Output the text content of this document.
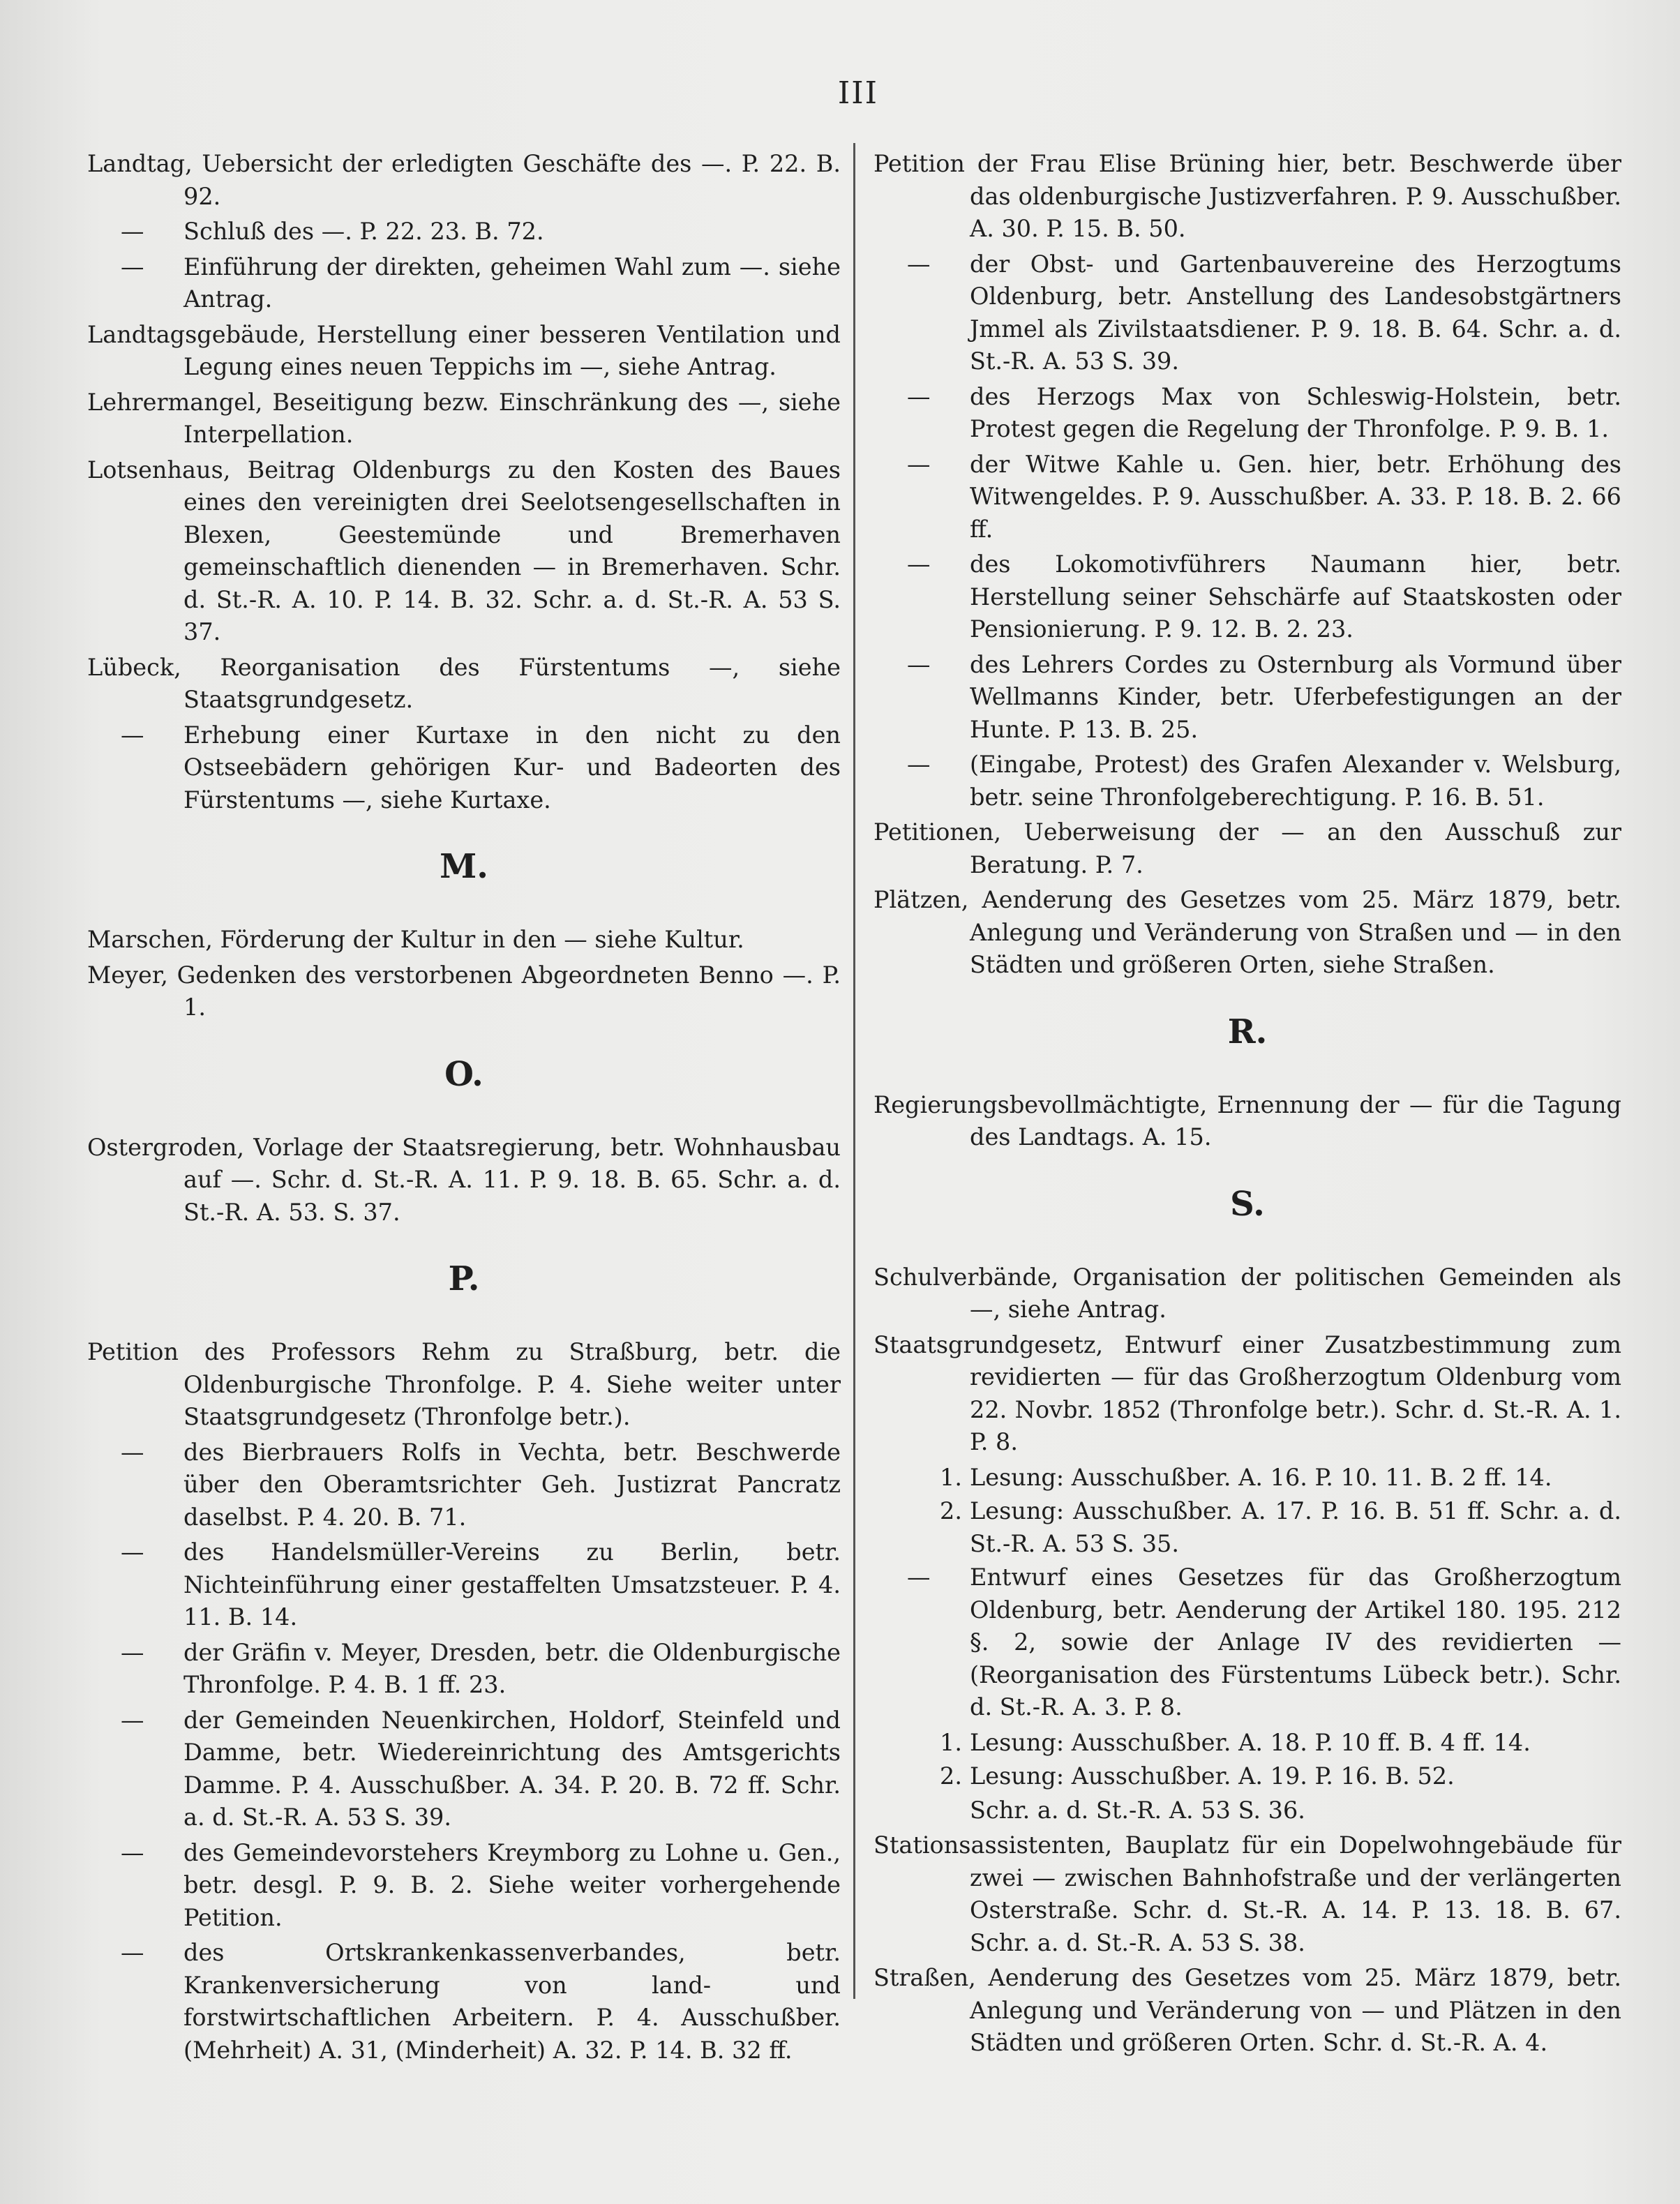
III

Landtag, Uebersicht der erledigten Geschäfte des —. P. 22. B. 92.

— Schluß des —. P. 22. 23. B. 72.

— Einführung der direkten, geheimen Wahl zum —. siehe Antrag.

Landtagsgebäude, Herstellung einer besseren Ventilation und Legung eines neuen Teppichs im —, siehe Antrag.

Lehrermangel, Beseitigung bezw. Einschränkung des —, siehe Interpellation.

Lotsenhaus, Beitrag Oldenburgs zu den Kosten des Baues eines den vereinigten drei Seelotsengesellschaften in Blexen, Geestemünde und Bremerhaven gemeinschaftlich dienenden — in Bremerhaven. Schr. d. St.-R. A. 10. P. 14. B. 32. Schr. a. d. St.-R. A. 53 S. 37.

Lübeck, Reorganisation des Fürstentums —, siehe Staatsgrundgesetz.

— Erhebung einer Kurtaxe in den nicht zu den Ostseebädern gehörigen Kur- und Badeorten des Fürstentums —, siehe Kurtaxe.

M.

Marschen, Förderung der Kultur in den — siehe Kultur.

Meyer, Gedenken des verstorbenen Abgeordneten Benno —. P. 1.

O.

Ostergroden, Vorlage der Staatsregierung, betr. Wohnhausbau auf —. Schr. d. St.-R. A. 11. P. 9. 18. B. 65. Schr. a. d. St.-R. A. 53. S. 37.

P.

Petition des Professors Rehm zu Straßburg, betr. die Oldenburgische Thronfolge. P. 4. Siehe weiter unter Staatsgrundgesetz (Thronfolge betr.).

— des Bierbrauers Rolfs in Vechta, betr. Beschwerde über den Oberamtsrichter Geh. Justizrat Pancratz daselbst. P. 4. 20. B. 71.

— des Handelsmüller-Vereins zu Berlin, betr. Nichteinführung einer gestaffelten Umsatzsteuer. P. 4. 11. B. 14.

— der Gräfin v. Meyer, Dresden, betr. die Oldenburgische Thronfolge. P. 4. B. 1 ff. 23.

— der Gemeinden Neuenkirchen, Holdorf, Steinfeld und Damme, betr. Wiedereinrichtung des Amtsgerichts Damme. P. 4. Ausschußber. A. 34. P. 20. B. 72 ff. Schr. a. d. St.-R. A. 53 S. 39.

— des Gemeindevorstehers Kreymborg zu Lohne u. Gen., betr. desgl. P. 9. B. 2. Siehe weiter vorhergehende Petition.

— des Ortskrankenkassenverbandes, betr. Krankenversicherung von land- und forstwirtschaftlichen Arbeitern. P. 4. Ausschußber. (Mehrheit) A. 31, (Minderheit) A. 32. P. 14. B. 32 ff.

Petition der Frau Elise Brüning hier, betr. Beschwerde über das oldenburgische Justizverfahren. P. 9. Ausschußber. A. 30. P. 15. B. 50.

— der Obst- und Gartenbauvereine des Herzogtums Oldenburg, betr. Anstellung des Landesobstgärtners Jmmel als Zivilstaatsdiener. P. 9. 18. B. 64. Schr. a. d. St.-R. A. 53 S. 39.

— des Herzogs Max von Schleswig-Holstein, betr. Protest gegen die Regelung der Thronfolge. P. 9. B. 1.

— der Witwe Kahle u. Gen. hier, betr. Erhöhung des Witwengeldes. P. 9. Ausschußber. A. 33. P. 18. B. 2. 66 ff.

— des Lokomotivführers Naumann hier, betr. Herstellung seiner Sehschärfe auf Staatskosten oder Pensionierung. P. 9. 12. B. 2. 23.

— des Lehrers Cordes zu Osternburg als Vormund über Wellmanns Kinder, betr. Uferbefestigungen an der Hunte. P. 13. B. 25.

— (Eingabe, Protest) des Grafen Alexander v. Welsburg, betr. seine Thronfolgeberechtigung. P. 16. B. 51.

Petitionen, Ueberweisung der — an den Ausschuß zur Beratung. P. 7.

Plätzen, Aenderung des Gesetzes vom 25. März 1879, betr. Anlegung und Veränderung von Straßen und — in den Städten und größeren Orten, siehe Straßen.

R.

Regierungsbevollmächtigte, Ernennung der — für die Tagung des Landtags. A. 15.

S.

Schulverbände, Organisation der politischen Gemeinden als —, siehe Antrag.

Staatsgrundgesetz, Entwurf einer Zusatzbestimmung zum revidierten — für das Großherzogtum Oldenburg vom 22. Novbr. 1852 (Thronfolge betr.). Schr. d. St.-R. A. 1. P. 8.

1. Lesung: Ausschußber. A. 16. P. 10. 11. B. 2 ff. 14.

2. Lesung: Ausschußber. A. 17. P. 16. B. 51 ff. Schr. a. d. St.-R. A. 53 S. 35.

— Entwurf eines Gesetzes für das Großherzogtum Oldenburg, betr. Aenderung der Artikel 180. 195. 212 §. 2, sowie der Anlage IV des revidierten — (Reorganisation des Fürstentums Lübeck betr.). Schr. d. St.-R. A. 3. P. 8.

1. Lesung: Ausschußber. A. 18. P. 10 ff. B. 4 ff. 14.

2. Lesung: Ausschußber. A. 19. P. 16. B. 52.

Schr. a. d. St.-R. A. 53 S. 36.

Stationsassistenten, Bauplatz für ein Dopelwohngebäude für zwei — zwischen Bahnhofstraße und der verlängerten Osterstraße. Schr. d. St.-R. A. 14. P. 13. 18. B. 67. Schr. a. d. St.-R. A. 53 S. 38.

Straßen, Aenderung des Gesetzes vom 25. März 1879, betr. Anlegung und Veränderung von — und Plätzen in den Städten und größeren Orten. Schr. d. St.-R. A. 4.
